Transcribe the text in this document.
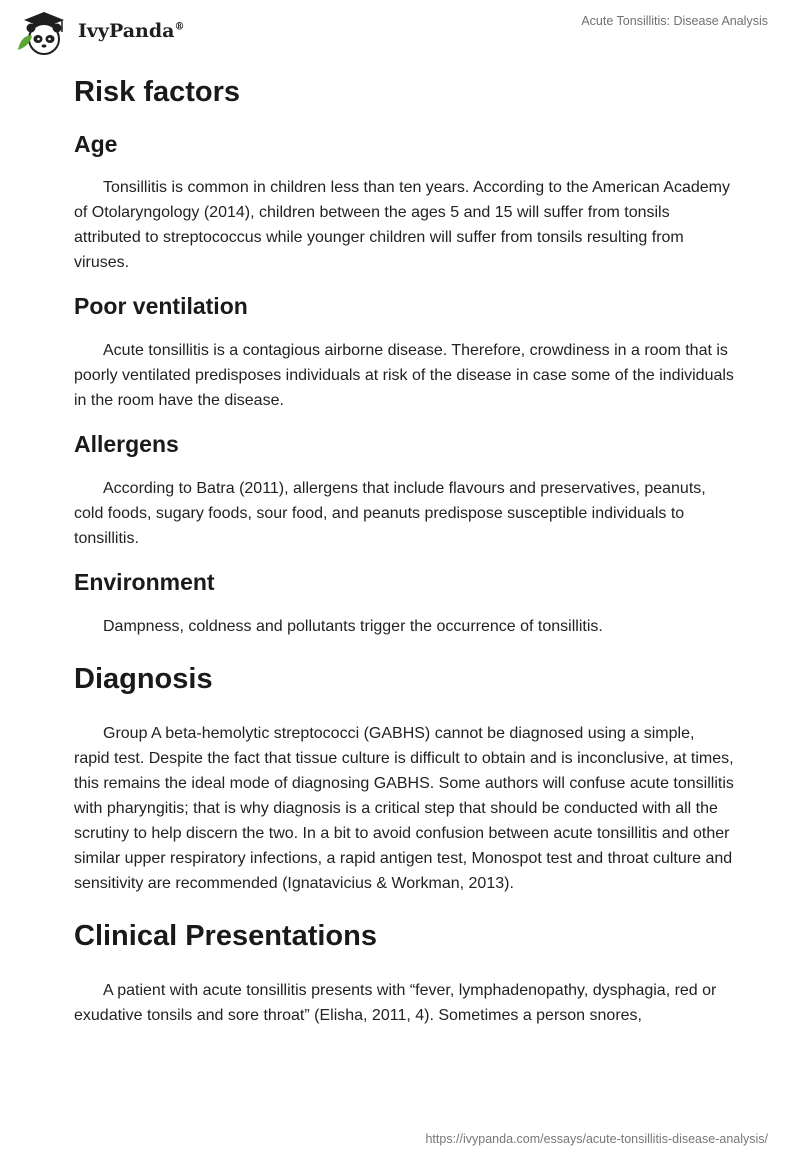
IvyPanda®	Acute Tonsillitis: Disease Analysis
Risk factors
Age

Tonsillitis is common in children less than ten years. According to the American Academy of Otolaryngology (2014), children between the ages 5 and 15 will suffer from tonsils attributed to streptococcus while younger children will suffer from tonsils resulting from viruses.

Poor ventilation

Acute tonsillitis is a contagious airborne disease. Therefore, crowdiness in a room that is poorly ventilated predisposes individuals at risk of the disease in case some of the individuals in the room have the disease.

Allergens

According to Batra (2011), allergens that include flavours and preservatives, peanuts, cold foods, sugary foods, sour food, and peanuts predispose susceptible individuals to tonsillitis.

Environment

Dampness, coldness and pollutants trigger the occurrence of tonsillitis.

Diagnosis

Group A beta-hemolytic streptococci (GABHS) cannot be diagnosed using a simple, rapid test. Despite the fact that tissue culture is difficult to obtain and is inconclusive, at times, this remains the ideal mode of diagnosing GABHS. Some authors will confuse acute tonsillitis with pharyngitis; that is why diagnosis is a critical step that should be conducted with all the scrutiny to help discern the two. In a bit to avoid confusion between acute tonsillitis and other similar upper respiratory infections, a rapid antigen test, Monospot test and throat culture and sensitivity are recommended (Ignatavicius & Workman, 2013).

Clinical Presentations

A patient with acute tonsillitis presents with “fever, lymphadenopathy, dysphagia, red or exudative tonsils and sore throat” (Elisha, 2011, 4). Sometimes a person snores,

https://ivypanda.com/essays/acute-tonsillitis-disease-analysis/
